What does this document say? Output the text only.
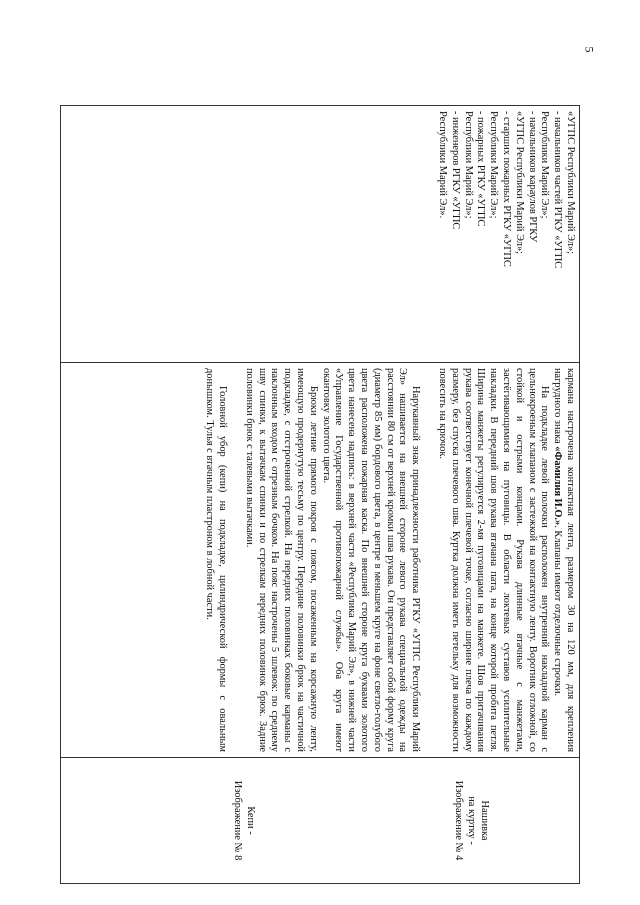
5
«УГПС Республики Марий Эл»;
- начальников частей РГКУ «УГПС
Республики Марий Эл»;
- начальников караулов РГКУ
«УГПС Республики Марий Эл»;
- старших пожарных РГКУ «УГПС
Республики Марий Эл»;
- пожарных РГКУ «УГПС
Республики Марий Эл»;
- инженеров РГКУ «УГПС
Республики Марий Эл».

кармана настрочена контактная лента, размером 30 на 120 мм, для крепления нагрудного знака «Фамилия И.О.». Клапаны имеют отделочные строчки.

На подкладке левой полочки расположен внутренний накладной карман с цельнокроеным клапаном с застежкой на контактную ленту. Воротник отложной, со стойкой и острыми концами. Рукава длинные втачные с манжетами, застёгивающимися на пуговицы. В области локтевых суставов усилительные накладки. В передний шов рукава втачана пата, на конце которой пробита петля. Ширина манжеты регулируется 2-мя пуговицами на манжете. Шов притачивания рукава соответствует конечной плечевой точке, согласно ширине плеча по каждому размеру, без спуска плечевого шва. Куртка должна иметь петельку для возможности повесить на крючок.

Нарукавный знак принадлежности работника РГКУ «УГПС Республики Марий Эл» нашивается на внешней стороне левого рукава специальной одежды на расстоянии 80 см от верхней кромки шва рукава. Он представляет собой форму круга (диаметр 85 мм) бордового цвета, в центре в меньшем круге на фоне светло-голубого цвета расположена пожарная каска. По внешней стороне круга буквами золотого цвета нанесена надпись: в верхней части «Республика Марий Эл», в нижней части «Управление Государственной противопожарной службы». Оба круга имеют окантовку золотого цвета.

Брюки летние прямого покроя с поясом, посаженным на корсажную ленту, имеющую продернутую тесьму по центру. Передние половинки брюк на частичной подкладке, с отстроченной стрелкой. На передних половинках боковые карманы с наклонным входом с отрезным бочком. На пояс настрочены 5 шлевок: по среднему шву спинки, к вытачкам спинки и по стрелкам передних половинок брюк. Задние половинки брюк с талевыми вытачками.

Головной убор (кепи) на подкладке, цилиндрической формы с овальным донышком. Тулья с втачным пластроном в лобной части.

Нашивка
на куртку -
Изображение № 4
Кепи -
Изображение № 8
